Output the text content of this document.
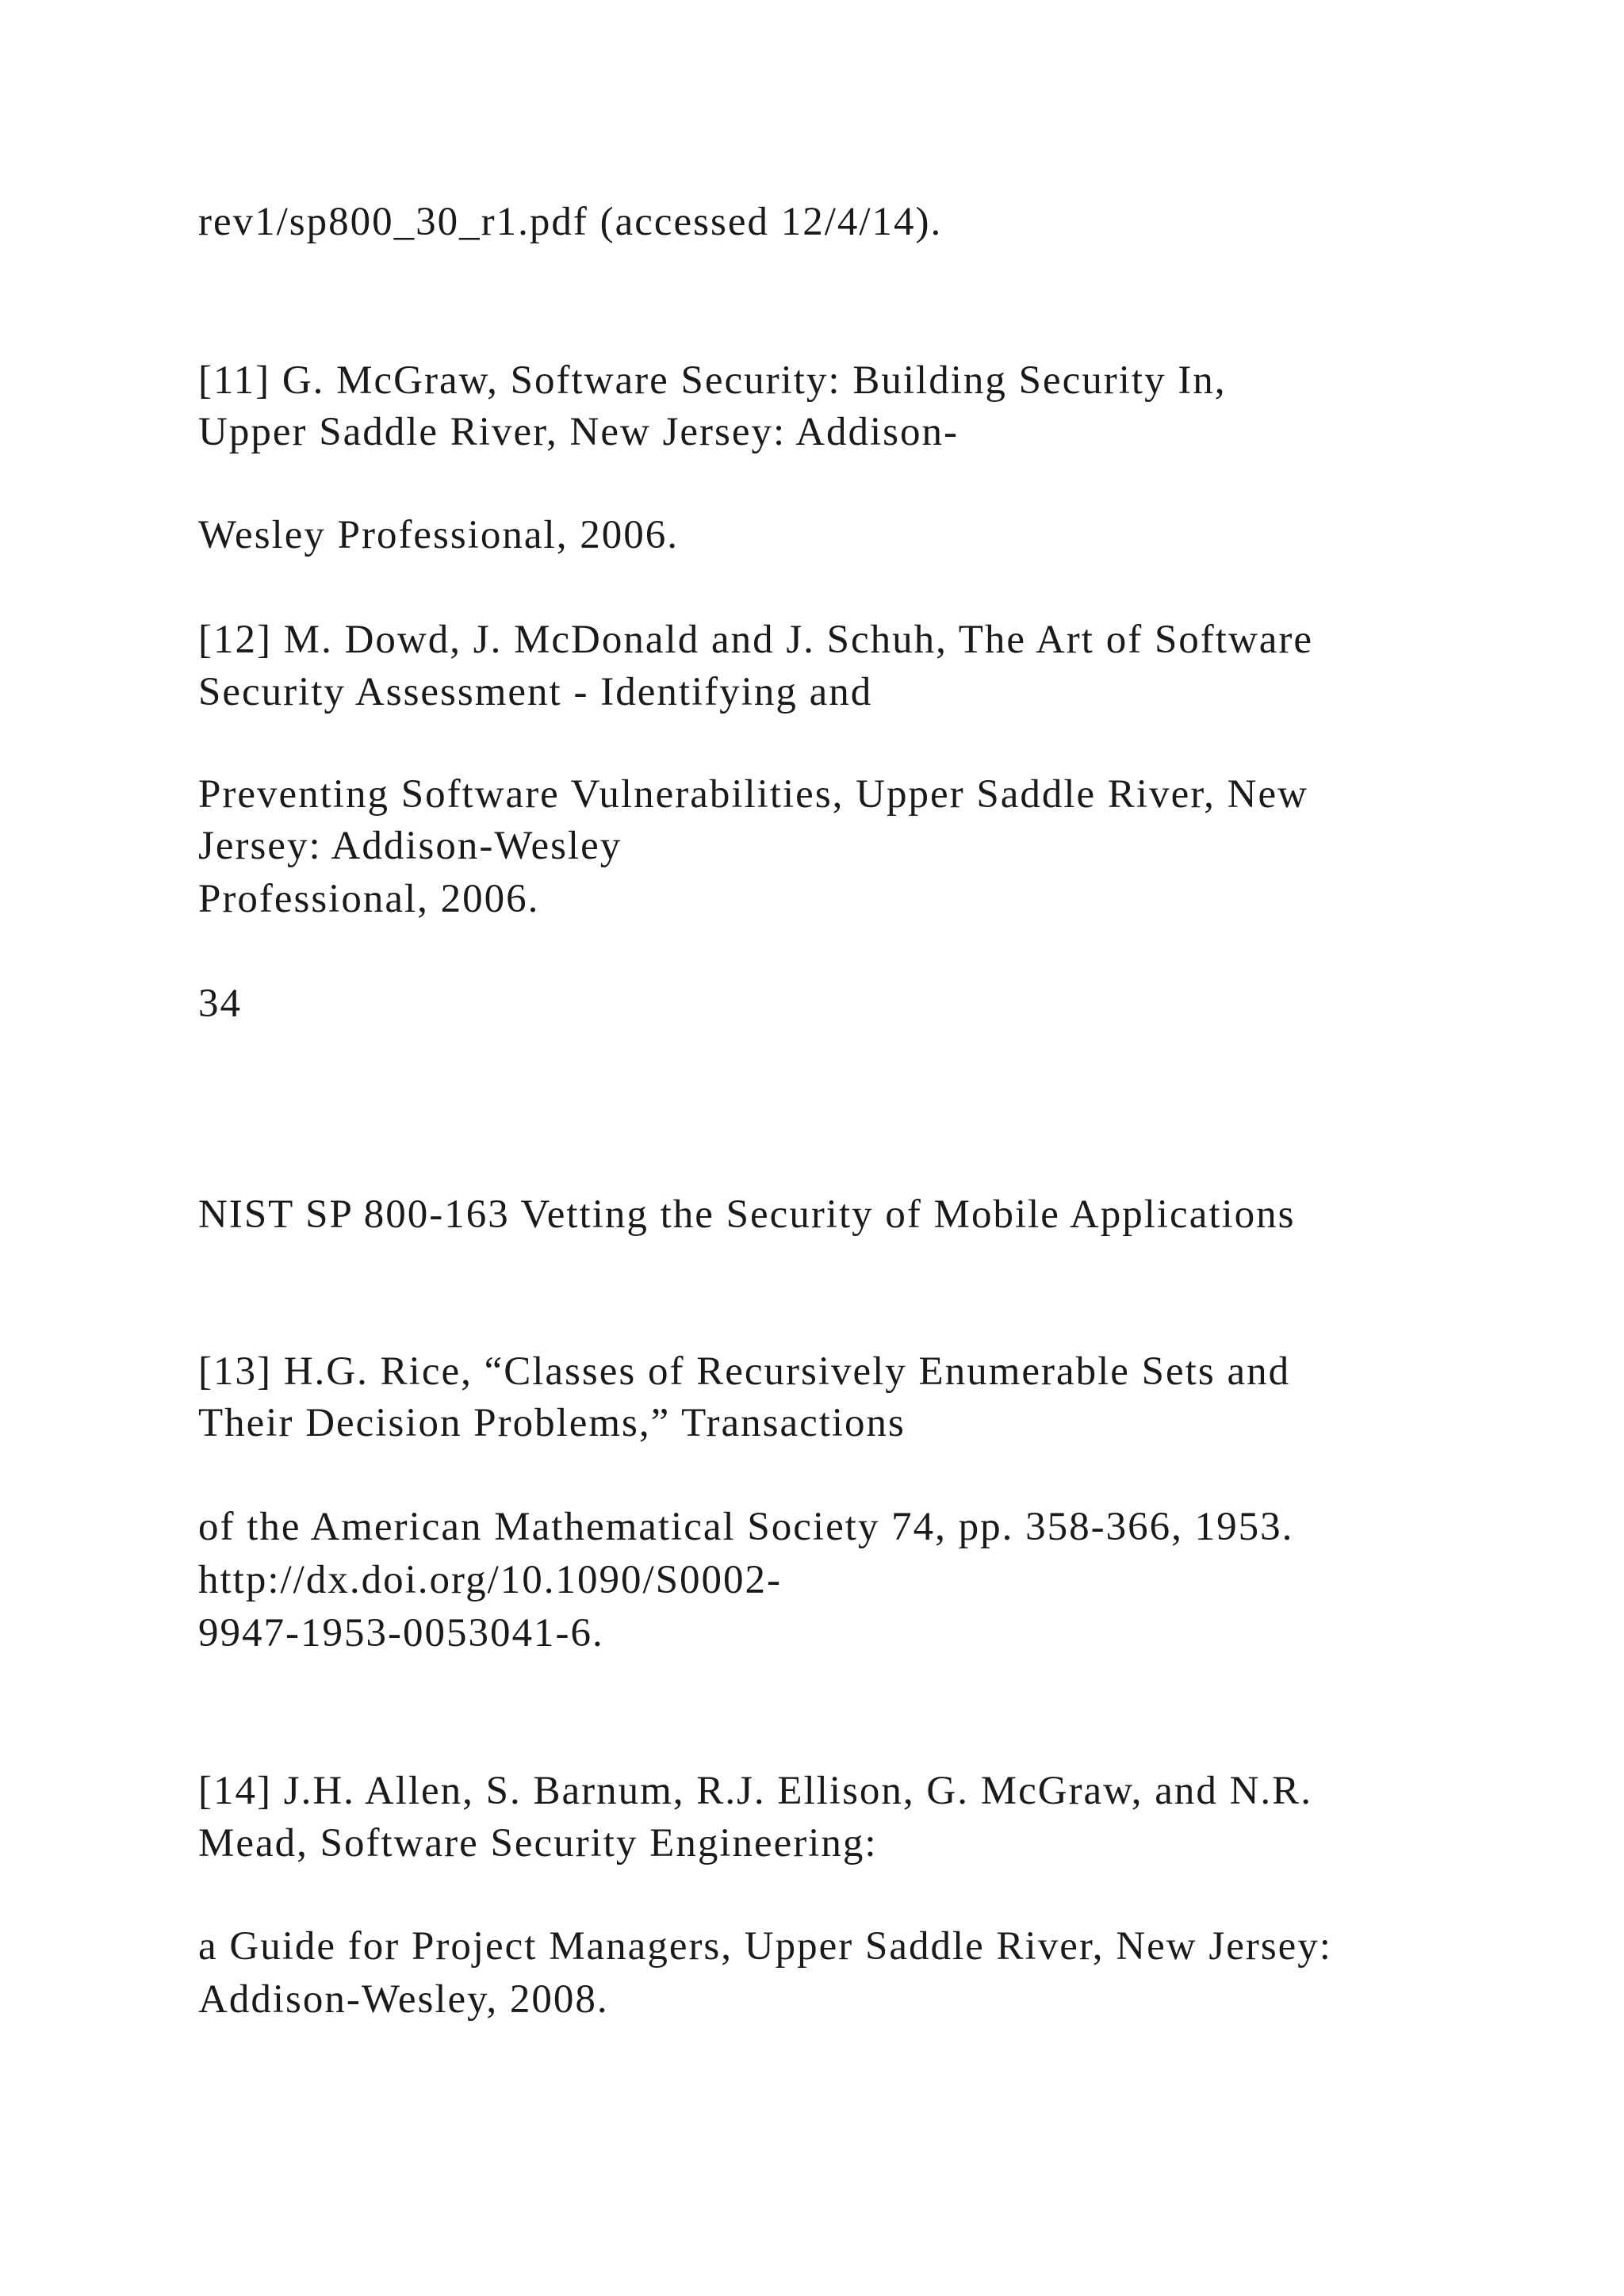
rev1/sp800_30_r1.pdf (accessed 12/4/14).
[11] G. McGraw, Software Security: Building Security In,
Upper Saddle River, New Jersey: Addison-
Wesley Professional, 2006.
[12] M. Dowd, J. McDonald and J. Schuh, The Art of Software
Security Assessment - Identifying and
Preventing Software Vulnerabilities, Upper Saddle River, New
Jersey: Addison-Wesley
Professional, 2006.
34
NIST SP 800-163 Vetting the Security of Mobile Applications
[13] H.G. Rice, “Classes of Recursively Enumerable Sets and
Their Decision Problems,” Transactions
of the American Mathematical Society 74, pp. 358-366, 1953.
http://dx.doi.org/10.1090/S0002-
9947-1953-0053041-6.
[14] J.H. Allen, S. Barnum, R.J. Ellison, G. McGraw, and N.R.
Mead, Software Security Engineering:
a Guide for Project Managers, Upper Saddle River, New Jersey:
Addison-Wesley, 2008.
